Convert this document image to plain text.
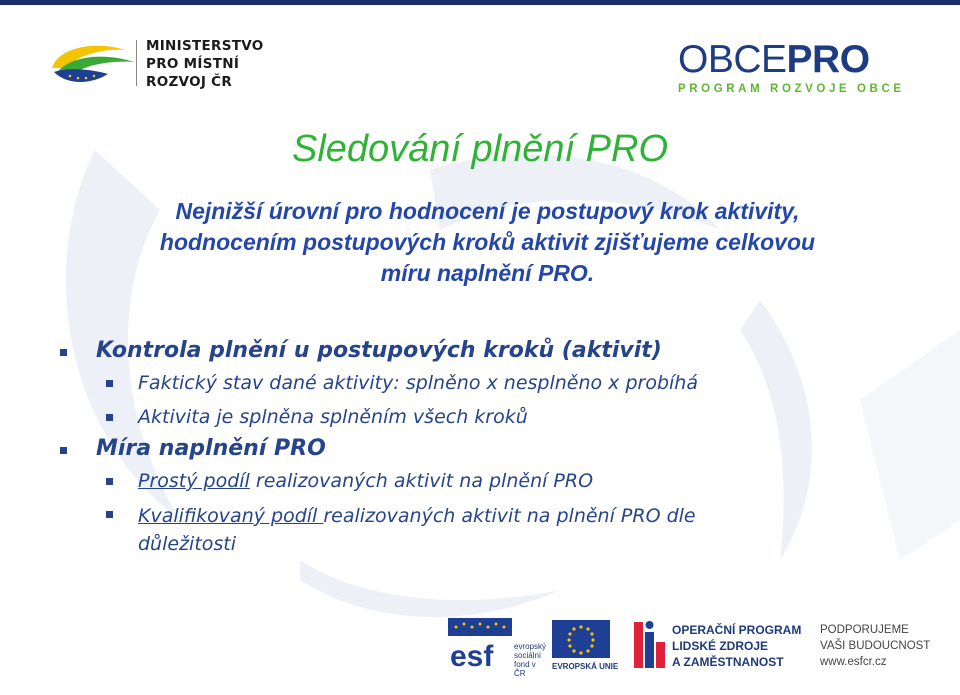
MINISTERSTVO
PRO MÍSTNÍ
ROZVOJ ČR
OBCEPRO
PROGRAM ROZVOJE OBCE
Sledování plnění PRO
Nejnižší úrovní pro hodnocení je postupový krok aktivity,
hodnocením postupových kroků aktivit zjišťujeme celkovou
míru naplnění PRO.
Kontrola plnění u postupových kroků (aktivit)
Faktický stav dané aktivity: splněno x nesplněno x probíhá
Aktivita je splněna splněním všech kroků
Míra naplnění PRO
Prostý podíl realizovaných aktivit na plnění PRO
Kvalifikovaný podíl realizovaných aktivit na plnění PRO dle
důležitosti
esf	evropský
sociální
fond v ČR
EVROPSKÁ UNIE
OPERAČNÍ PROGRAM
LIDSKÉ ZDROJE
A ZAMĚSTNANOST
PODPORUJEME
VAŠI BUDOUCNOST
www.esfcr.cz
